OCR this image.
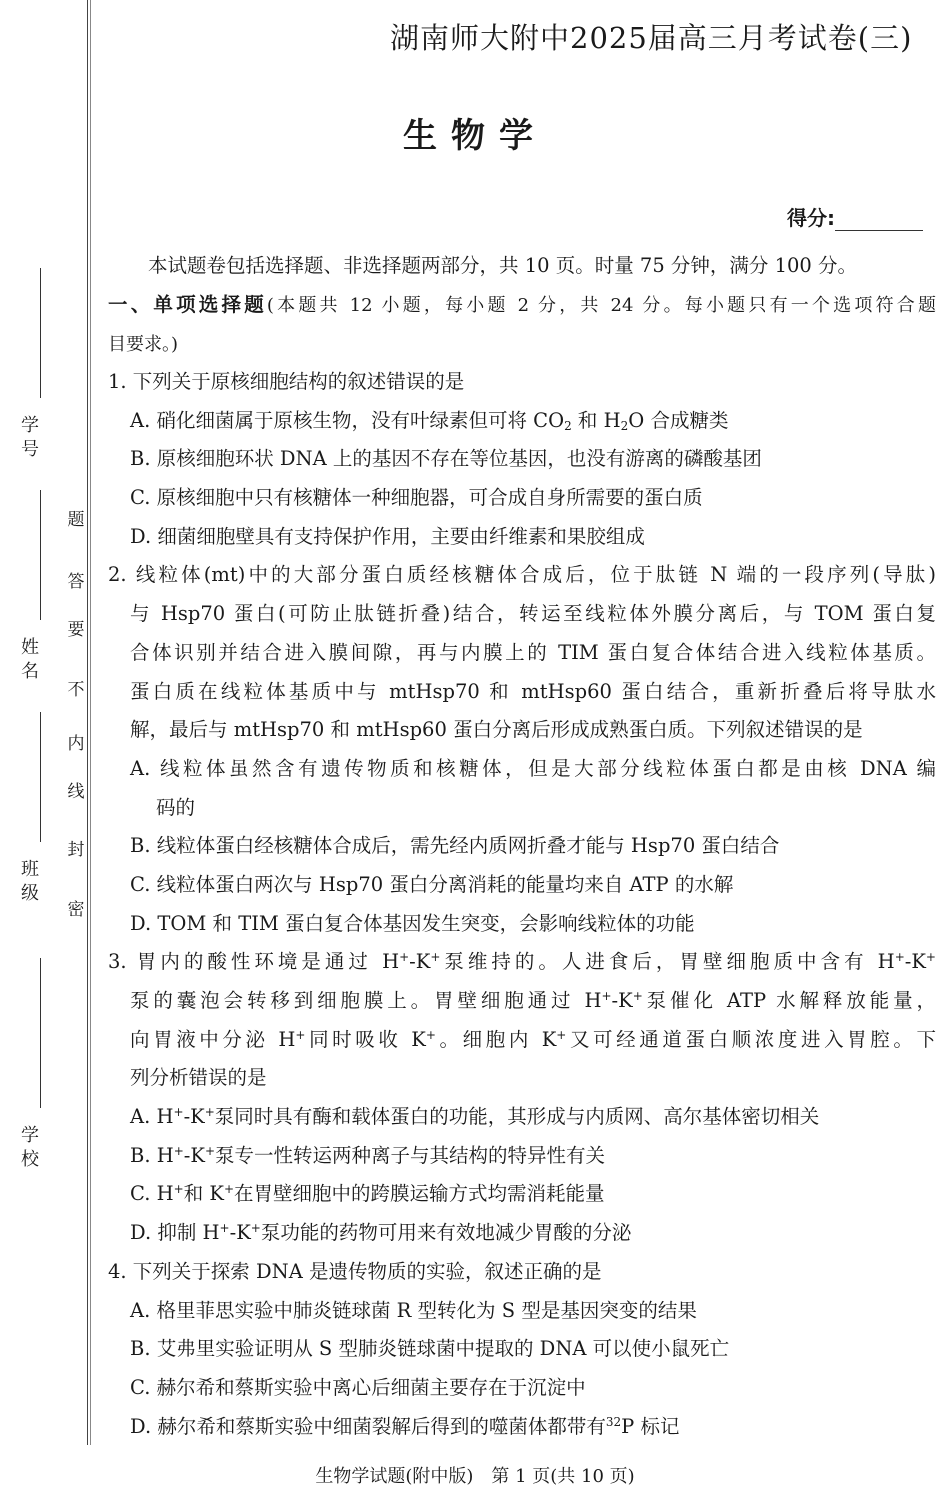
学 号
姓 名
班 级
学 校
密
封
线
内
不
要
答
题
湖南师大附中2025届高三月考试卷(三)
生物学
得分:
本试题卷包括选择题、非选择题两部分，共 10 页。时量 75 分钟，满分 100 分。
一、单项选择题(本题共 12 小题，每小题 2 分，共 24 分。每小题只有一个选项符合题
目要求。)
1. 下列关于原核细胞结构的叙述错误的是
A. 硝化细菌属于原核生物，没有叶绿素但可将 $CO_2$ 和 $H_2O$ 合成糖类
B. 原核细胞环状 DNA 上的基因不存在等位基因，也没有游离的磷酸基团
C. 原核细胞中只有核糖体一种细胞器，可合成自身所需要的蛋白质
D. 细菌细胞壁具有支持保护作用，主要由纤维素和果胶组成
2. 线粒体(mt)中的大部分蛋白质经核糖体合成后，位于肽链 N 端的一段序列(导肽)
与 Hsp70 蛋白(可防止肽链折叠)结合，转运至线粒体外膜分离后，与 TOM 蛋白复
合体识别并结合进入膜间隙，再与内膜上的 TIM 蛋白复合体结合进入线粒体基质。
蛋白质在线粒体基质中与 mtHsp70 和 mtHsp60 蛋白结合，重新折叠后将导肽水
解，最后与 mtHsp70 和 mtHsp60 蛋白分离后形成成熟蛋白质。下列叙述错误的是
A. 线粒体虽然含有遗传物质和核糖体，但是大部分线粒体蛋白都是由核 DNA 编
码的
B. 线粒体蛋白经核糖体合成后，需先经内质网折叠才能与 Hsp70 蛋白结合
C. 线粒体蛋白两次与 Hsp70 蛋白分离消耗的能量均来自 ATP 的水解
D. TOM 和 TIM 蛋白复合体基因发生突变，会影响线粒体的功能
3. 胃内的酸性环境是通过 H+-K+泵维持的。人进食后，胃壁细胞质中含有 H+-K+
泵的囊泡会转移到细胞膜上。胃壁细胞通过 H+-K+泵催化 ATP 水解释放能量，
向胃液中分泌 H+同时吸收 K+。细胞内 K+又可经通道蛋白顺浓度进入胃腔。下
列分析错误的是
A. H+-K+泵同时具有酶和载体蛋白的功能，其形成与内质网、高尔基体密切相关
B. H+-K+泵专一性转运两种离子与其结构的特异性有关
C. H+和 K+在胃壁细胞中的跨膜运输方式均需消耗能量
D. 抑制 H+-K+泵功能的药物可用来有效地减少胃酸的分泌
4. 下列关于探索 DNA 是遗传物质的实验，叙述正确的是
A. 格里菲思实验中肺炎链球菌 R 型转化为 S 型是基因突变的结果
B. 艾弗里实验证明从 S 型肺炎链球菌中提取的 DNA 可以使小鼠死亡
C. 赫尔希和蔡斯实验中离心后细菌主要存在于沉淀中
D. 赫尔希和蔡斯实验中细菌裂解后得到的噬菌体都带有$^{32}$P 标记
生物学试题(附中版)　第 1 页(共 10 页)
